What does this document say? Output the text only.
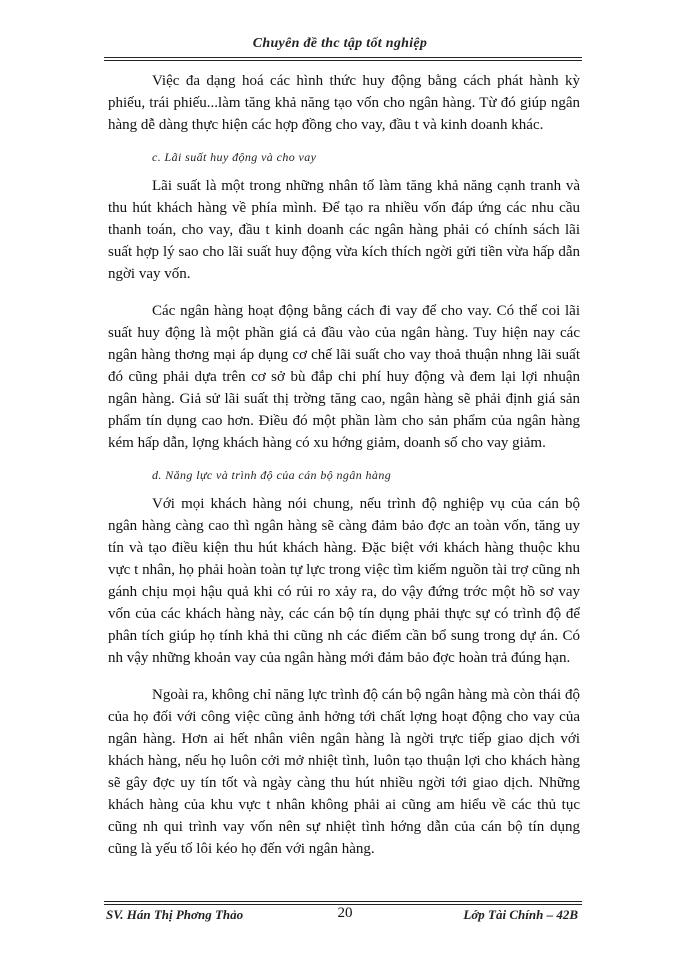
Chuyên đề thc tập tốt nghiệp

Việc đa dạng hoá các hình thức huy động bằng cách phát hành kỳ phiếu, trái phiếu...làm tăng khả năng tạo vốn cho ngân hàng. Từ đó giúp ngân hàng dễ dàng thực hiện các hợp đồng cho vay, đầu t và kinh doanh khác.

c. Lãi suất huy động và cho vay

Lãi suất là một trong những nhân tố làm tăng khả năng cạnh tranh và thu hút khách hàng về phía mình. Để tạo ra nhiều vốn đáp ứng các nhu cầu thanh toán, cho vay, đầu t kinh doanh các ngân hàng phải có chính sách lãi suất hợp lý sao cho lãi suất huy động vừa kích thích ngời gửi tiền vừa hấp dẫn ngời vay vốn.

Các ngân hàng hoạt động bằng cách đi vay để cho vay. Có thể coi lãi suất huy động là một phần giá cả đầu vào của ngân hàng. Tuy hiện nay các ngân hàng thơng mại áp dụng cơ chế lãi suất cho vay thoả thuận nhng lãi suất đó cũng phải dựa trên cơ sở bù đắp chi phí huy động và đem lại lợi nhuận ngân hàng. Giả sử lãi suất thị trờng tăng cao, ngân hàng sẽ phải định giá sản phẩm tín dụng cao hơn. Điều đó một phần làm cho sản phẩm của ngân hàng kém hấp dẫn, lợng khách hàng có xu hớng giảm, doanh số cho vay giảm.

d. Năng lực và trình độ của cán bộ ngân hàng

Với mọi khách hàng nói chung, nếu trình độ nghiệp vụ của cán bộ ngân hàng càng cao thì ngân hàng sẽ càng đảm bảo đợc an toàn vốn, tăng uy tín và tạo điều kiện thu hút khách hàng. Đặc biệt với khách hàng thuộc khu vực t nhân, họ phải hoàn toàn tự lực trong việc tìm kiếm nguồn tài trợ cũng nh gánh chịu mọi hậu quả khi có rủi ro xảy ra, do vậy đứng trớc một hồ sơ vay vốn của các khách hàng này, các cán bộ tín dụng phải thực sự có trình độ để phân tích giúp họ tính khả thi cũng nh các điểm cần bổ sung trong dự án. Có nh vậy những khoản vay của ngân hàng mới đảm bảo đợc hoàn trả đúng hạn.

Ngoài ra, không chỉ năng lực trình độ cán bộ ngân hàng mà còn thái độ của họ đối với công việc cũng ảnh hởng tới chất lợng hoạt động cho vay của ngân hàng. Hơn ai hết nhân viên ngân hàng là ngời trực tiếp giao dịch với khách hàng, nếu họ luôn cởi mở nhiệt tình, luôn tạo thuận lợi cho khách hàng sẽ gây đợc uy tín tốt và ngày càng thu hút nhiều ngời tới giao dịch. Những khách hàng của khu vực t nhân không phải ai cũng am hiểu về các thủ tục cũng nh qui trình vay vốn nên sự nhiệt tình hớng dẫn của cán bộ tín dụng cũng là yếu tố lôi kéo họ đến với ngân hàng.

SV. Hán Thị Phơng Thảo	20	Lớp Tài Chính – 42B
